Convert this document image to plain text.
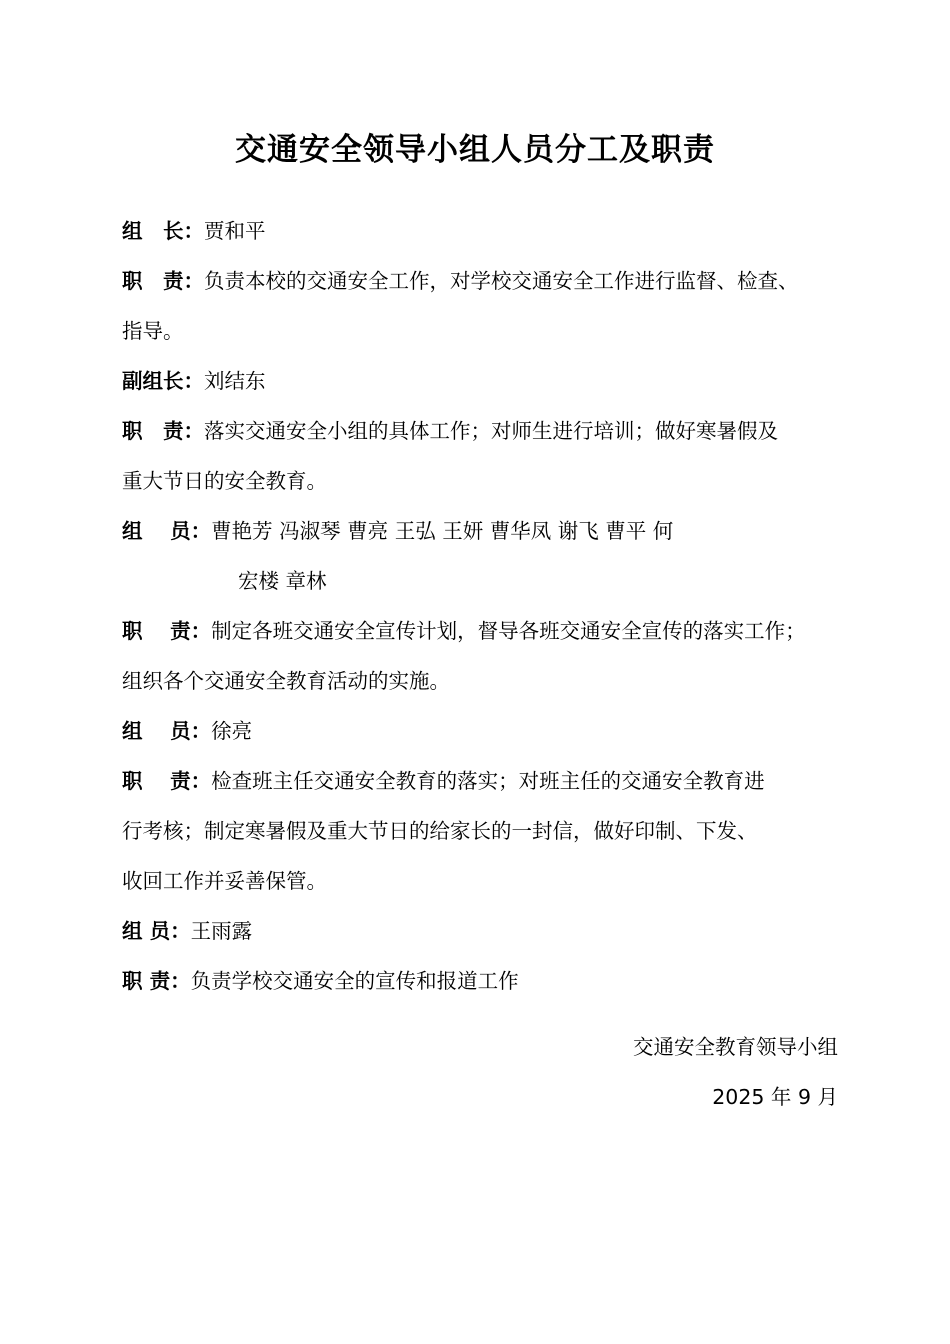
交通安全领导小组人员分工及职责
组　长：贾和平
职　责：负责本校的交通安全工作，对学校交通安全工作进行监督、检查、
指导。
副组长：刘结东
职　责：落实交通安全小组的具体工作；对师生进行培训；做好寒暑假及
重大节日的安全教育。
组　 员：曹艳芳 冯淑琴 曹亮 王弘 王妍 曹华凤 谢飞 曹平 何
宏楼 章林
职　 责：制定各班交通安全宣传计划，督导各班交通安全宣传的落实工作；
组织各个交通安全教育活动的实施。
组　 员：徐亮
职　 责：检查班主任交通安全教育的落实；对班主任的交通安全教育进
行考核；制定寒暑假及重大节日的给家长的一封信，做好印制、下发、
收回工作并妥善保管。
组 员：王雨露
职 责：负责学校交通安全的宣传和报道工作
交通安全教育领导小组
2025 年 9 月
